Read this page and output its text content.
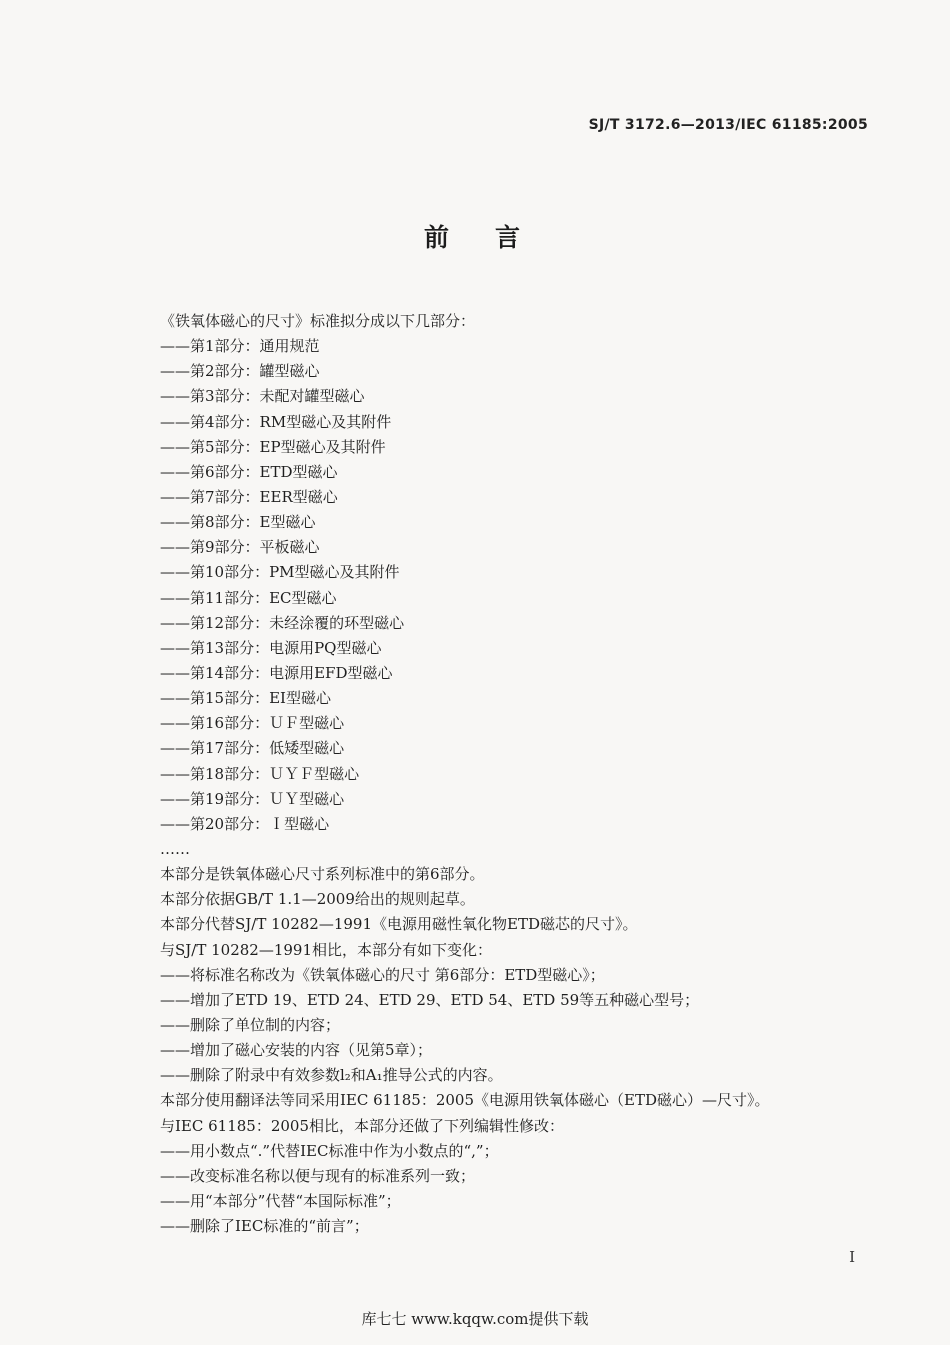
SJ/T 3172.6—2013/IEC 61185:2005
前言
《铁氧体磁心的尺寸》标准拟分成以下几部分：
——第1部分：通用规范
——第2部分：罐型磁心
——第3部分：未配对罐型磁心
——第4部分：RM型磁心及其附件
——第5部分：EP型磁心及其附件
——第6部分：ETD型磁心
——第7部分：EER型磁心
——第8部分：E型磁心
——第9部分：平板磁心
——第10部分：PM型磁心及其附件
——第11部分：EC型磁心
——第12部分：未经涂覆的环型磁心
——第13部分：电源用PQ型磁心
——第14部分：电源用EFD型磁心
——第15部分：EI型磁心
——第16部分：ＵＦ型磁心
——第17部分：低矮型磁心
——第18部分：ＵＹＦ型磁心
——第19部分：ＵＹ型磁心
——第20部分：Ｉ型磁心
……
本部分是铁氧体磁心尺寸系列标准中的第6部分。
本部分依据GB/T 1.1—2009给出的规则起草。
本部分代替SJ/T 10282—1991《电源用磁性氧化物ETD磁芯的尺寸》。
与SJ/T 10282—1991相比，本部分有如下变化：
——将标准名称改为《铁氧体磁心的尺寸 第6部分：ETD型磁心》；
——增加了ETD 19、ETD 24、ETD 29、ETD 54、ETD 59等五种磁心型号；
——删除了单位制的内容；
——增加了磁心安装的内容（见第5章）；
——删除了附录中有效参数l₂和A₁推导公式的内容。
本部分使用翻译法等同采用IEC 61185：2005《电源用铁氧体磁心（ETD磁心）—尺寸》。
与IEC 61185：2005相比，本部分还做了下列编辑性修改：
——用小数点“.”代替IEC标准中作为小数点的“,”；
——改变标准名称以便与现有的标准系列一致；
——用“本部分”代替“本国际标准”；
——删除了IEC标准的“前言”；
I
库七七 www.kqqw.com提供下载
